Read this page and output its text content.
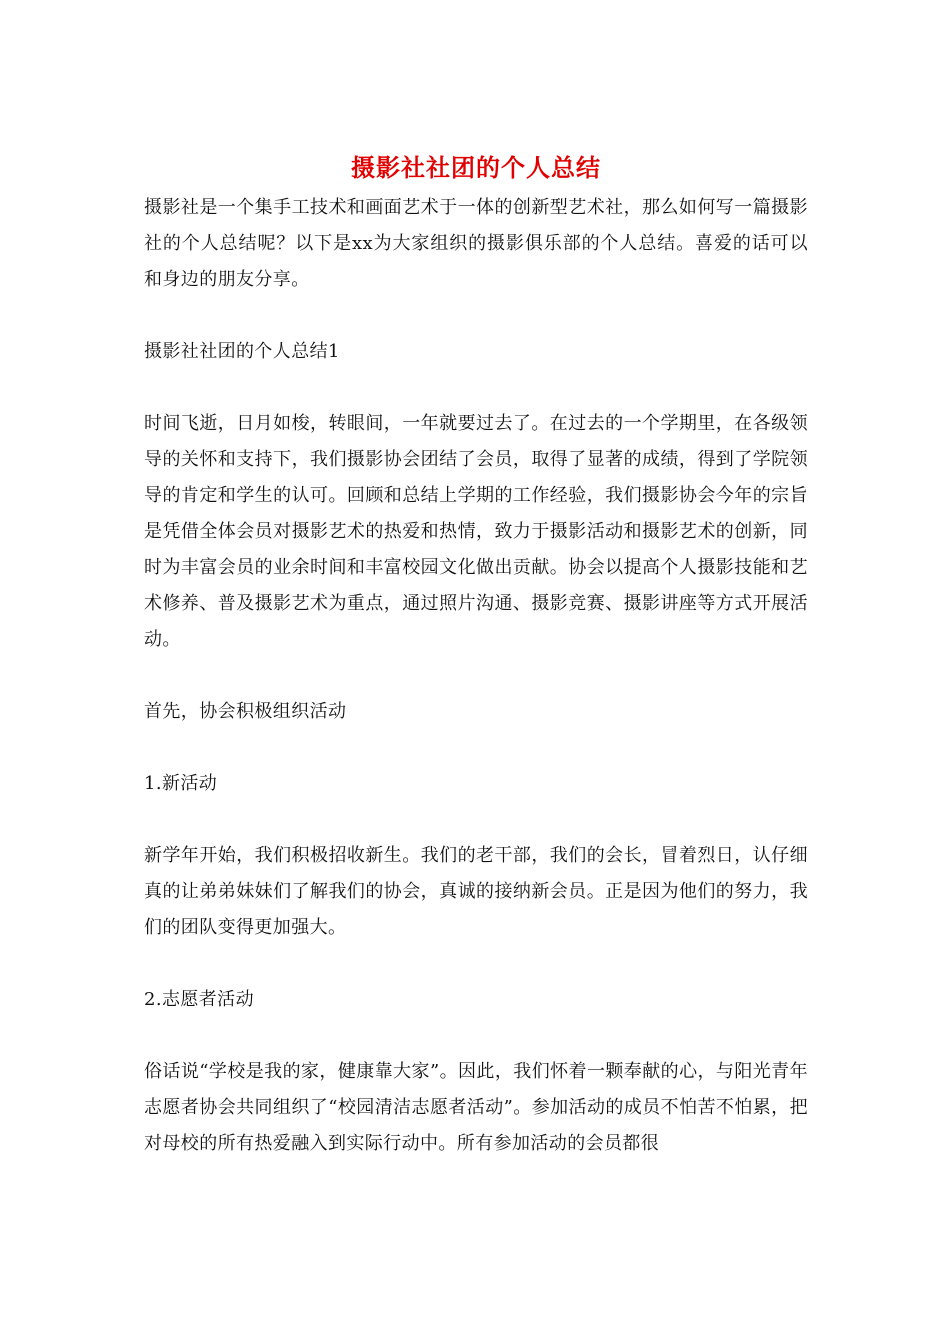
摄影社社团的个人总结

摄影社是一个集手工技术和画面艺术于一体的创新型艺术社，那么如何写一篇摄影社的个人总结呢？以下是xx为大家组织的摄影俱乐部的个人总结。喜爱的话可以和身边的朋友分享。

摄影社社团的个人总结1

时间飞逝，日月如梭，转眼间，一年就要过去了。在过去的一个学期里，在各级领导的关怀和支持下，我们摄影协会团结了会员，取得了显著的成绩，得到了学院领导的肯定和学生的认可。回顾和总结上学期的工作经验，我们摄影协会今年的宗旨是凭借全体会员对摄影艺术的热爱和热情，致力于摄影活动和摄影艺术的创新，同时为丰富会员的业余时间和丰富校园文化做出贡献。协会以提高个人摄影技能和艺术修养、普及摄影艺术为重点，通过照片沟通、摄影竞赛、摄影讲座等方式开展活动。

首先，协会积极组织活动

1.新活动

新学年开始，我们积极招收新生。我们的老干部，我们的会长，冒着烈日，认仔细真的让弟弟妹妹们了解我们的协会，真诚的接纳新会员。正是因为他们的努力，我们的团队变得更加强大。

2.志愿者活动

俗话说“学校是我的家，健康靠大家”。因此，我们怀着一颗奉献的心，与阳光青年志愿者协会共同组织了“校园清洁志愿者活动”。参加活动的成员不怕苦不怕累，把对母校的所有热爱融入到实际行动中。所有参加活动的会员都很
